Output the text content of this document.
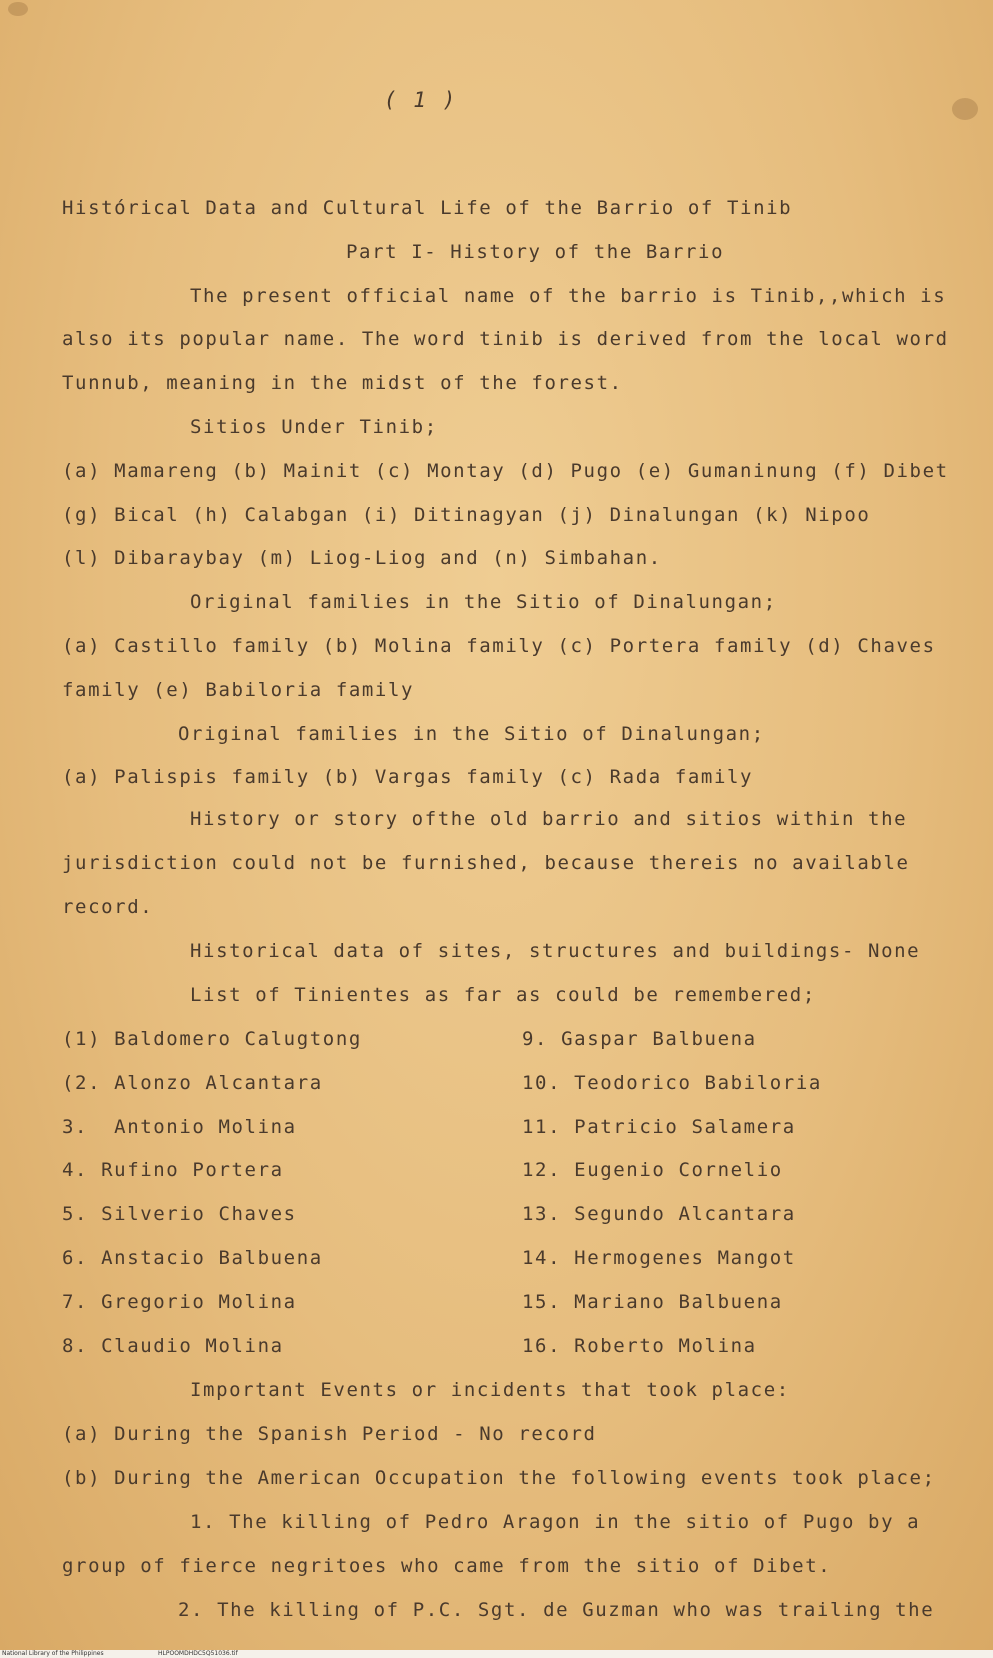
( 1 )
Histórical Data and Cultural Life of the Barrio of Tinib
Part I- History of the Barrio
The present official name of the barrio is Tinib,,which is
also its popular name. The word tinib is derived from the local word
Tunnub, meaning in the midst of the forest.
Sitios Under Tinib;
(a) Mamareng (b) Mainit (c) Montay (d) Pugo (e) Gumaninung (f) Dibet
(g) Bical (h) Calabgan (i) Ditinagyan (j) Dinalungan (k) Nipoo
(l) Dibaraybay (m) Liog-Liog and (n) Simbahan.
Original families in the Sitio of Dinalungan;
(a) Castillo family (b) Molina family (c) Portera family (d) Chaves
family (e) Babiloria family
Original families in the Sitio of Dinalungan;
(a) Palispis family (b) Vargas family (c) Rada family
History or story ofthe old barrio and sitios within the
jurisdiction could not be furnished, because thereis no available
record.
Historical data of sites, structures and buildings- None
List of Tinientes as far as could be remembered;
(1) Baldomero Calugtong
(2. Alonzo Alcantara
3.  Antonio Molina
4. Rufino Portera
5. Silverio Chaves
6. Anstacio Balbuena
7. Gregorio Molina
8. Claudio Molina
9. Gaspar Balbuena
10. Teodorico Babiloria
11. Patricio Salamera
12. Eugenio Cornelio
13. Segundo Alcantara
14. Hermogenes Mangot
15. Mariano Balbuena
16. Roberto Molina
Important Events or incidents that took place:
(a) During the Spanish Period - No record
(b) During the American Occupation the following events took place;
1. The killing of Pedro Aragon in the sitio of Pugo by a
group of fierce negritoes who came from the sitio of Dibet.
2. The killing of P.C. Sgt. de Guzman who was trailing the
National Library of the Philippines	HLPOOMDHDC5Q51036.tif
